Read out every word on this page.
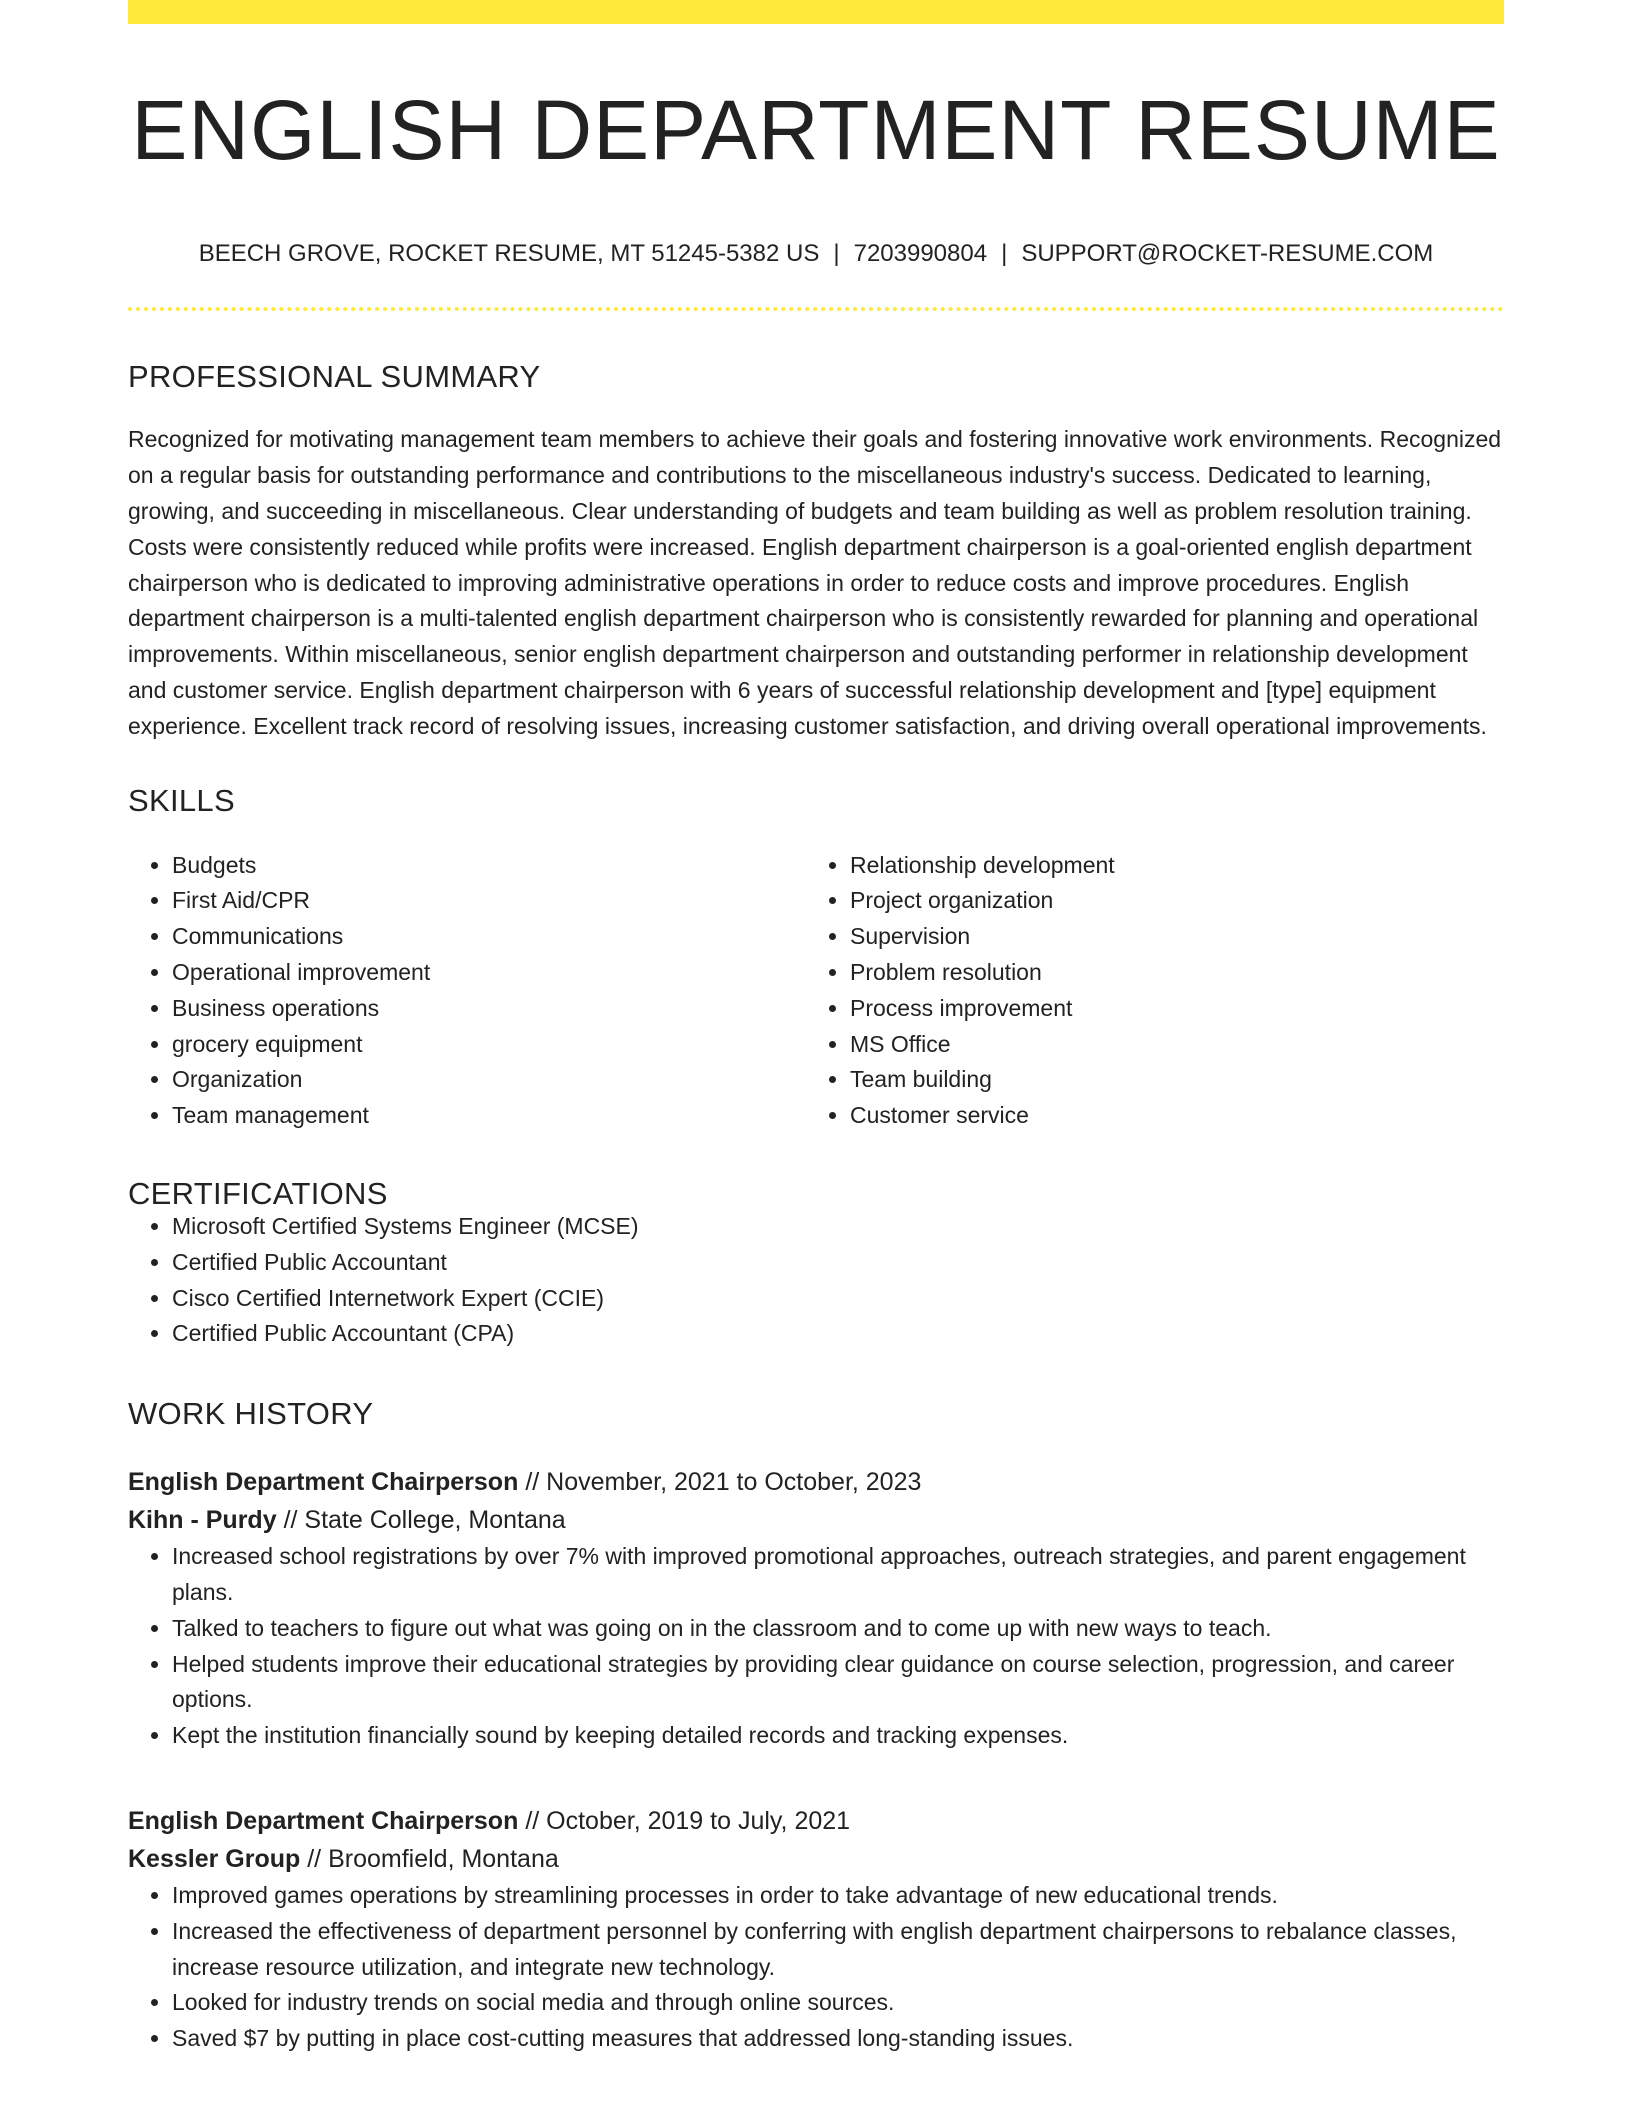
ENGLISH DEPARTMENT RESUME
BEECH GROVE, ROCKET RESUME, MT 51245-5382 US | 7203990804 | SUPPORT@ROCKET-RESUME.COM
PROFESSIONAL SUMMARY
Recognized for motivating management team members to achieve their goals and fostering innovative work environments. Recognized on a regular basis for outstanding performance and contributions to the miscellaneous industry's success. Dedicated to learning, growing, and succeeding in miscellaneous. Clear understanding of budgets and team building as well as problem resolution training. Costs were consistently reduced while profits were increased. English department chairperson is a goal-oriented english department chairperson who is dedicated to improving administrative operations in order to reduce costs and improve procedures. English department chairperson is a multi-talented english department chairperson who is consistently rewarded for planning and operational improvements. Within miscellaneous, senior english department chairperson and outstanding performer in relationship development and customer service. English department chairperson with 6 years of successful relationship development and [type] equipment experience. Excellent track record of resolving issues, increasing customer satisfaction, and driving overall operational improvements.
SKILLS
• Budgets
• First Aid/CPR
• Communications
• Operational improvement
• Business operations
• grocery equipment
• Organization
• Team management
• Relationship development
• Project organization
• Supervision
• Problem resolution
• Process improvement
• MS Office
• Team building
• Customer service
CERTIFICATIONS
• Microsoft Certified Systems Engineer (MCSE)
• Certified Public Accountant
• Cisco Certified Internetwork Expert (CCIE)
• Certified Public Accountant (CPA)
WORK HISTORY
English Department Chairperson // November, 2021 to October, 2023
Kihn - Purdy // State College, Montana
• Increased school registrations by over 7% with improved promotional approaches, outreach strategies, and parent engagement plans.
• Talked to teachers to figure out what was going on in the classroom and to come up with new ways to teach.
• Helped students improve their educational strategies by providing clear guidance on course selection, progression, and career options.
• Kept the institution financially sound by keeping detailed records and tracking expenses.
English Department Chairperson // October, 2019 to July, 2021
Kessler Group // Broomfield, Montana
• Improved games operations by streamlining processes in order to take advantage of new educational trends.
• Increased the effectiveness of department personnel by conferring with english department chairpersons to rebalance classes, increase resource utilization, and integrate new technology.
• Looked for industry trends on social media and through online sources.
• Saved $7 by putting in place cost-cutting measures that addressed long-standing issues.
